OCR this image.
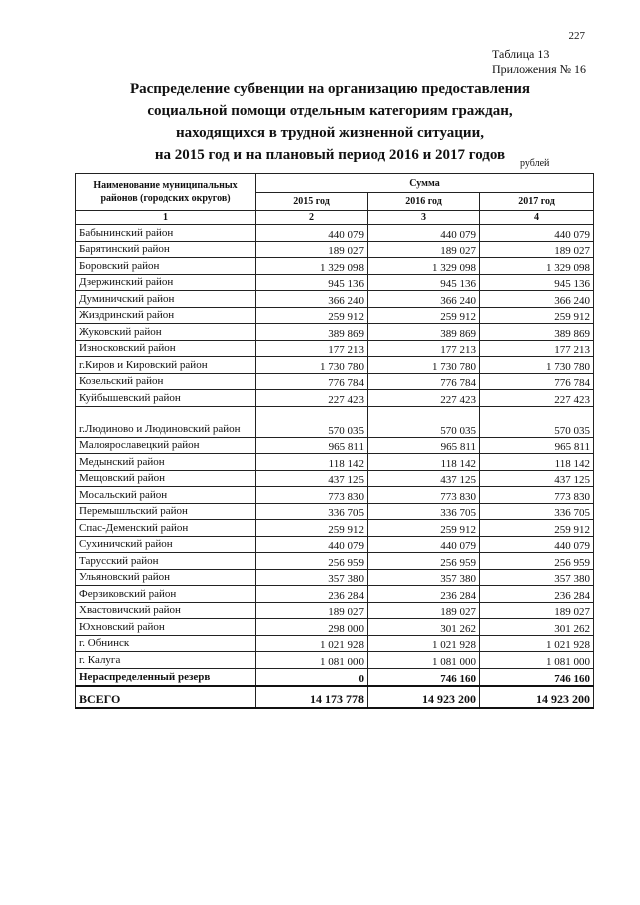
227
Таблица 13
Приложения № 16
Распределение субвенции на организацию предоставления
социальной помощи отдельным категориям граждан,
находящихся в трудной жизненной ситуации,
на 2015 год и на плановый период 2016 и 2017 годов
рублей
Наименование муниципальных районов (городских округов)	Сумма		
	2015 год	2016 год	2017 год
1	2	3	4
Бабынинский район	440 079	440 079	440 079
Барятинский район	189 027	189 027	189 027
Боровский район	1 329 098	1 329 098	1 329 098
Дзержинский район	945 136	945 136	945 136
Думиничский район	366 240	366 240	366 240
Жиздринский район	259 912	259 912	259 912
Жуковский район	389 869	389 869	389 869
Износковский район	177 213	177 213	177 213
г.Киров и Кировский район	1 730 780	1 730 780	1 730 780
Козельский район	776 784	776 784	776 784
Куйбышевский район	227 423	227 423	227 423
г.Людиново и Людиновский район	570 035	570 035	570 035
Малоярославецкий район	965 811	965 811	965 811
Медынский район	118 142	118 142	118 142
Мещовский район	437 125	437 125	437 125
Мосальский район	773 830	773 830	773 830
Перемышльский район	336 705	336 705	336 705
Спас-Деменский район	259 912	259 912	259 912
Сухиничский район	440 079	440 079	440 079
Тарусский район	256 959	256 959	256 959
Ульяновский район	357 380	357 380	357 380
Ферзиковский район	236 284	236 284	236 284
Хвастовичский район	189 027	189 027	189 027
Юхновский район	298 000	301 262	301 262
г. Обнинск	1 021 928	1 021 928	1 021 928
г. Калуга	1 081 000	1 081 000	1 081 000
Нераспределенный резерв	0	746 160	746 160
ВСЕГО	14 173 778	14 923 200	14 923 200
